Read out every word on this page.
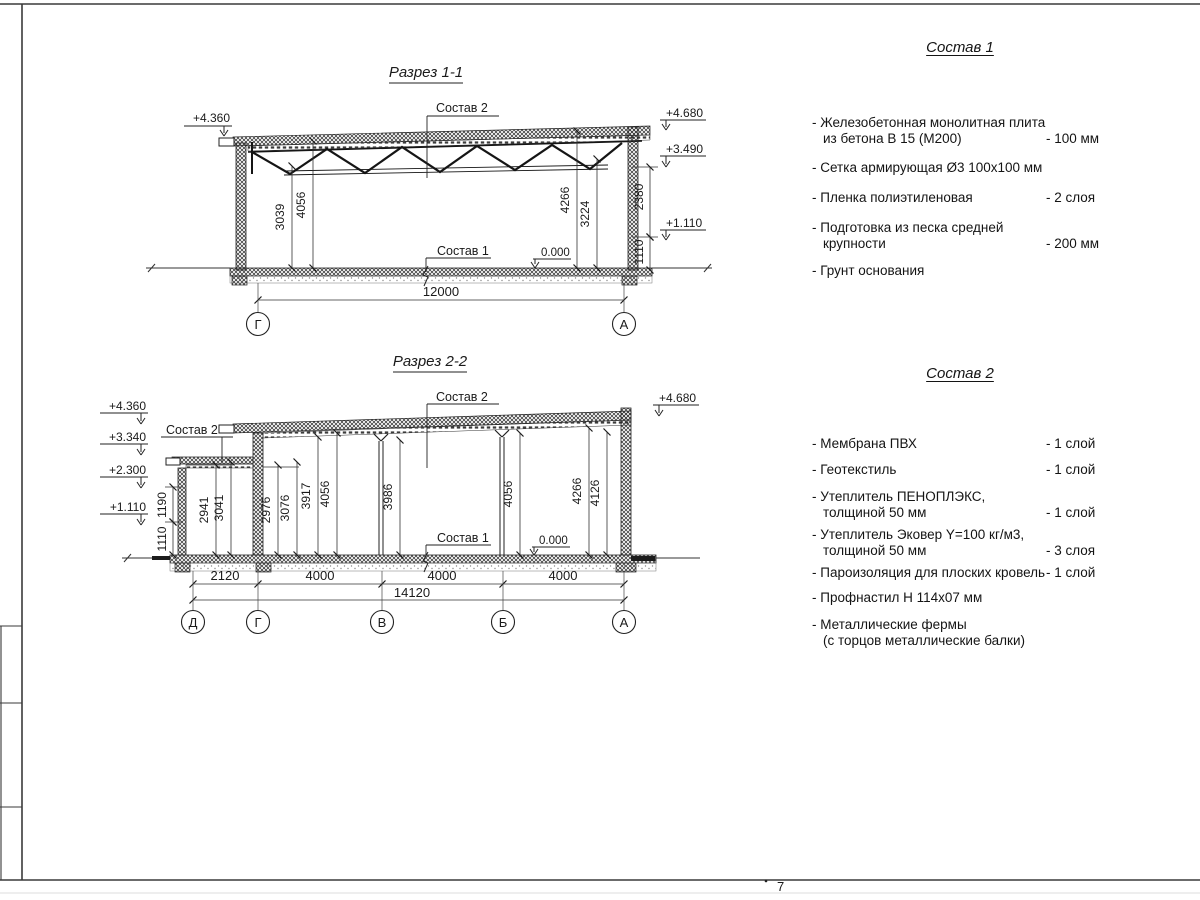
7
Разрез 1-1
3039 4056	4266
3224
2380
1110
+4.360	+4.680
+3.490
+1.110
Состав 2
Состав 1	0.000
12000
Г	А
Разрез 2-2
1190
1110
2941 3041	2976 3076 3917 4056	3986	4056	4266 4126
+4.360
+3.340
+2.300
+1.110
+4.680
Состав 2
Состав 2
Состав 1	0.000
2120	4000	4000	4000
14120
Д	Г	В	Б	А
Состав 1
- Железобетонная монолитная плита
из бетона В 15 (М200)	- 100 мм
- Сетка армирующая Ø3 100х100 мм
- Пленка полиэтиленовая	- 2 слоя
- Подготовка из песка средней
крупности	- 200 мм
- Грунт основания
Состав 2
- Мембрана ПВХ	- 1 слой
- Геотекстиль	- 1 слой
- Утеплитель ПЕНОПЛЭКС,
толщиной 50 мм	- 1 слой
- Утеплитель Эковер Y=100 кг/м3,
толщиной 50 мм	- 3 слоя
- Пароизоляция для плоских кровель - 1 слой
- Профнастил Н 114х07 мм
- Металлические фермы
(с торцов металлические балки)
